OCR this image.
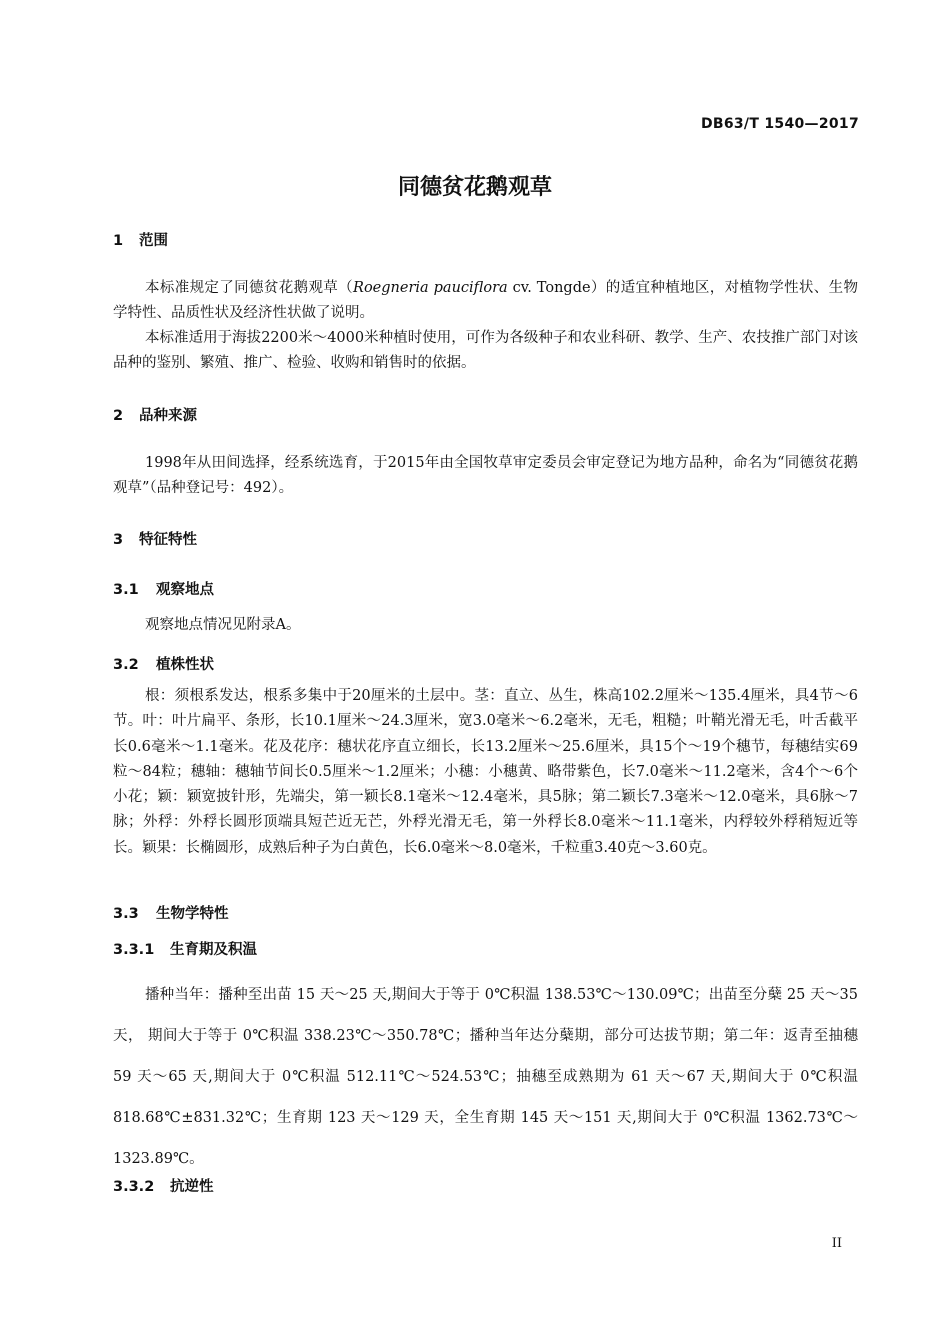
DB63/T 1540—2017
同德贫花鹅观草
1 范围

本标准规定了同德贫花鹅观草（Roegneria pauciflora cv. Tongde）的适宜种植地区，对植物学性状、生物学特性、品质性状及经济性状做了说明。

本标准适用于海拔2200米～4000米种植时使用，可作为各级种子和农业科研、教学、生产、农技推广部门对该品种的鉴别、繁殖、推广、检验、收购和销售时的依据。

2 品种来源

1998年从田间选择，经系统选育，于2015年由全国牧草审定委员会审定登记为地方品种，命名为“同德贫花鹅观草”（品种登记号：492）。

3 特征特性
3.1 观察地点

观察地点情况见附录A。

3.2 植株性状

根：须根系发达，根系多集中于20厘米的土层中。茎：直立、丛生，株高102.2厘米～135.4厘米，具4节～6节。叶：叶片扁平、条形，长10.1厘米～24.3厘米，宽3.0毫米～6.2毫米，无毛，粗糙；叶鞘光滑无毛，叶舌截平长0.6毫米～1.1毫米。花及花序：穗状花序直立细长，长13.2厘米～25.6厘米，具15个～19个穗节，每穗结实69粒～84粒；穗轴：穗轴节间长0.5厘米～1.2厘米；小穗：小穗黄、略带紫色，长7.0毫米～11.2毫米，含4个～6个小花；颖：颖宽披针形，先端尖，第一颖长8.1毫米～12.4毫米，具5脉；第二颖长7.3毫米～12.0毫米，具6脉～7脉；外稃：外稃长圆形顶端具短芒近无芒，外稃光滑无毛，第一外稃长8.0毫米～11.1毫米，内稃较外稃稍短近等长。颖果：长椭圆形，成熟后种子为白黄色，长6.0毫米～8.0毫米，千粒重3.40克～3.60克。

3.3 生物学特性
3.3.1 生育期及积温

播种当年：播种至出苗 15 天～25 天,期间大于等于 0℃积温 138.53℃～130.09℃；出苗至分蘖 25 天～35 天， 期间大于等于 0℃积温 338.23℃～350.78℃；播种当年达分蘖期，部分可达拔节期；第二年：返青至抽穗 59 天～65 天,期间大于 0℃积温 512.11℃～524.53℃；抽穗至成熟期为 61 天～67 天,期间大于 0℃积温 818.68℃±831.32℃；生育期 123 天～129 天，全生育期 145 天～151 天,期间大于 0℃积温 1362.73℃～1323.89℃。

3.3.2 抗逆性
II
